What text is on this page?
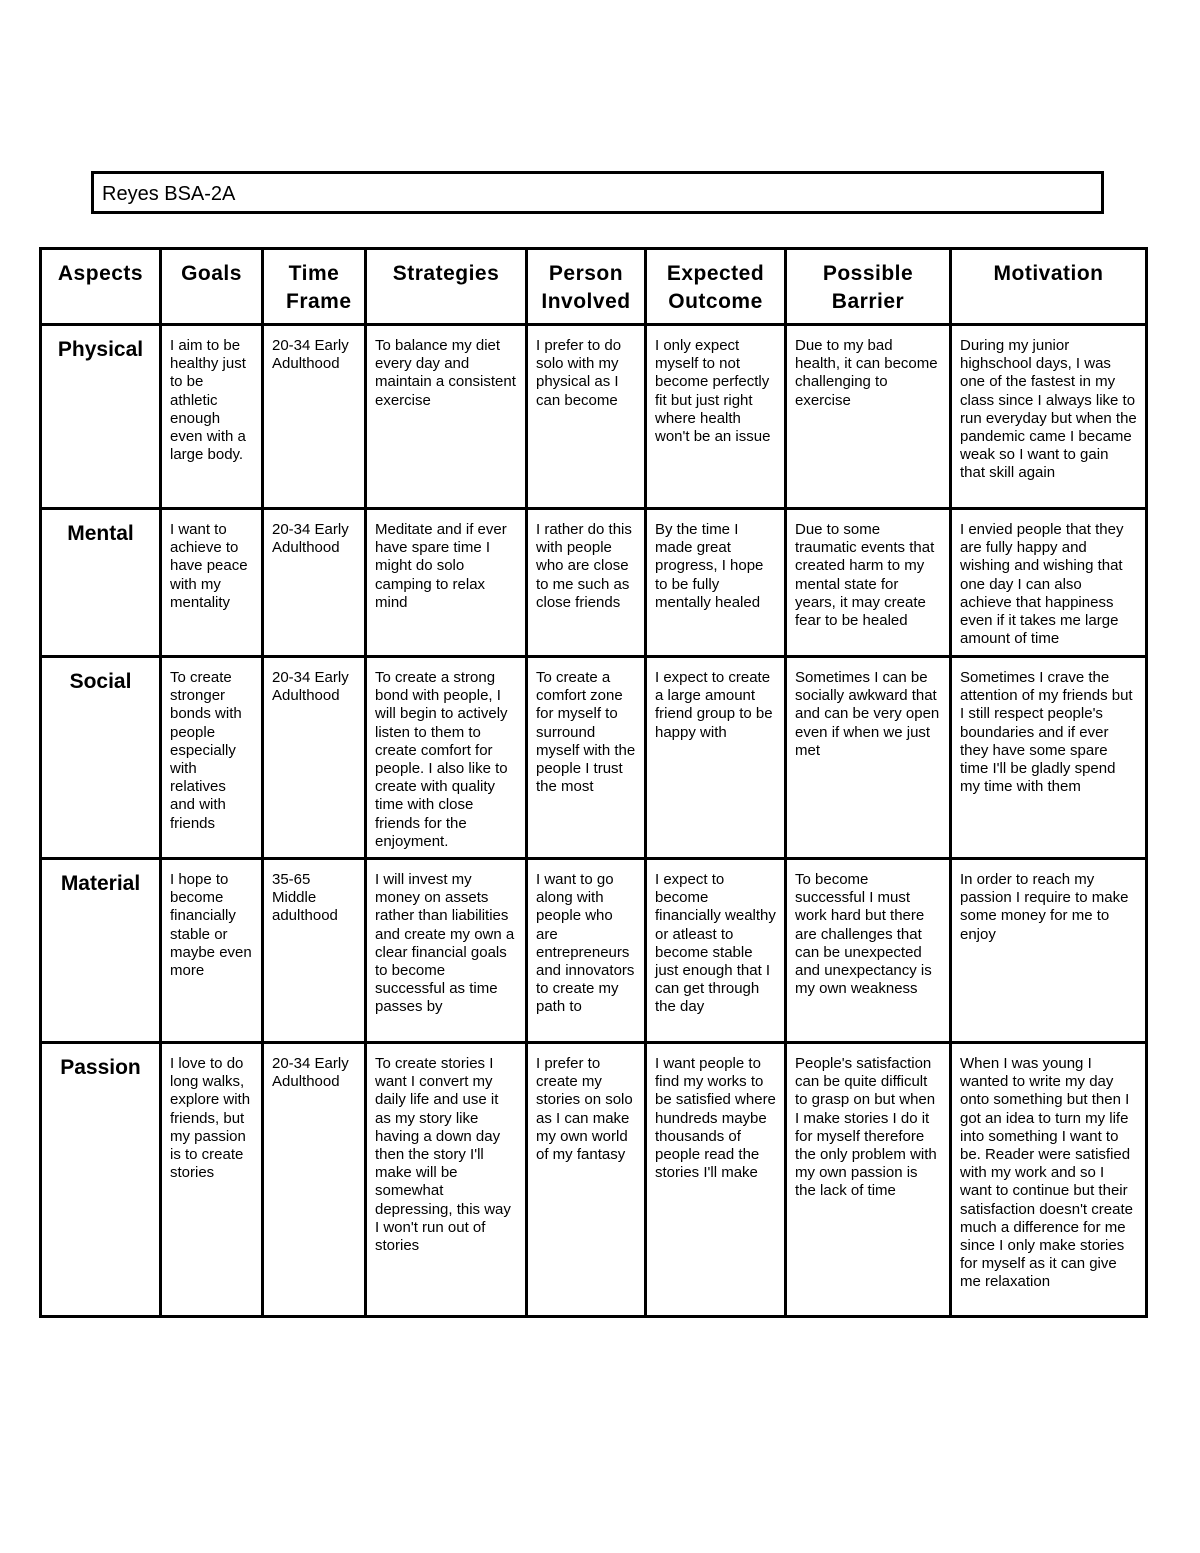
Reyes BSA-2A
Aspects	Goals	Time Frame	Strategies	Person Involved	Expected Outcome	Possible Barrier	Motivation
Physical	I aim to be healthy just to be athletic enough even with a large body.	20-34 Early Adulthood	To balance my diet every day and maintain a consistent exercise	I prefer to do solo with my physical as I can become	I only expect myself to not become perfectly fit but just right where health won't be an issue	Due to my bad health, it can become challenging to exercise	During my junior highschool days, I was one of the fastest in my class since I always like to run everyday but when the pandemic came I became weak so I want to gain that skill again
Mental	I want to achieve to have peace with my mentality	20-34 Early Adulthood	Meditate and if ever have spare time I might do solo camping to relax mind	I rather do this with people who are close to me such as close friends	By the time I made great progress, I hope to be fully mentally healed	Due to some traumatic events that created harm to my mental state for years, it may create fear to be healed	I envied people that they are fully happy and wishing and wishing that one day I can also achieve that happiness even if it takes me large amount of time
Social	To create stronger bonds with people especially with relatives and with friends	20-34 Early Adulthood	To create a strong bond with people, I will begin to actively listen to them to create comfort for people. I also like to create with quality time with close friends for the enjoyment.	To create a comfort zone for myself to surround myself with the people I trust the most	I expect to create a large amount friend group to be happy with	Sometimes I can be socially awkward that and can be very open even if when we just met	Sometimes I crave the attention of my friends but I still respect people's boundaries and if ever they have some spare time I'll be gladly spend my time with them
Material	I hope to become financially stable or maybe even more	35-65 Middle adulthood	I will invest my money on assets rather than liabilities and create my own a clear financial goals to become successful as time passes by	I want to go along with people who are entrepreneurs and innovators to create my path to	I expect to become financially wealthy or atleast to become stable just enough that I can get through the day	To become successful I must work hard but there are challenges that can be unexpected and unexpectancy is my own weakness	In order to reach my passion I require to make some money for me to enjoy
Passion	I love to do long walks, explore with friends, but my passion is to create stories	20-34 Early Adulthood	To create stories I want I convert my daily life and use it as my story like having a down day then the story I'll make will be somewhat depressing, this way I won't run out of stories	I prefer to create my stories on solo as I can make my own world of my fantasy	I want people to find my works to be satisfied where hundreds maybe thousands of people read the stories I'll make	People's satisfaction can be quite difficult to grasp on but when I make stories I do it for myself therefore the only problem with my own passion is the lack of time	When I was young I wanted to write my day onto something but then I got an idea to turn my life into something I want to be. Reader were satisfied with my work and so I want to continue but their satisfaction doesn't create much a difference for me since I only make stories for myself as it can give me relaxation
